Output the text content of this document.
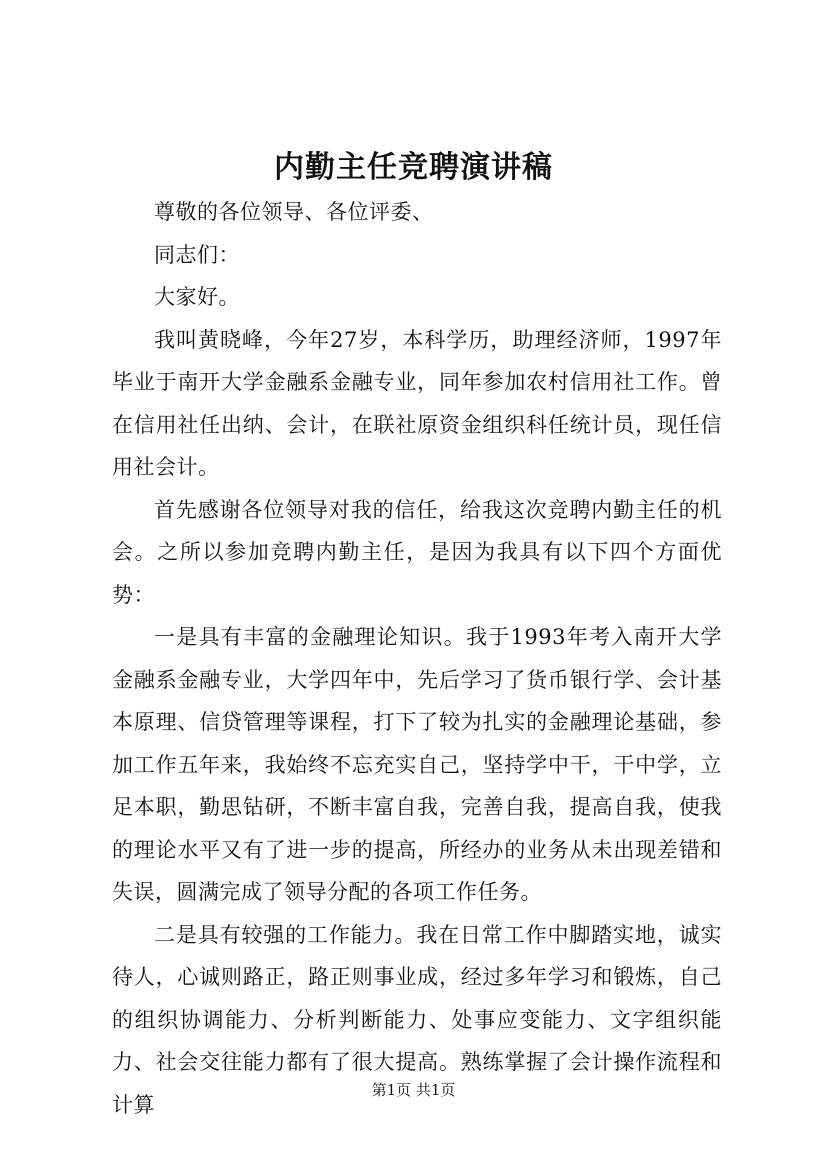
内勤主任竞聘演讲稿

尊敬的各位领导、各位评委、

同志们：

大家好。

我叫黄晓峰，今年27岁，本科学历，助理经济师，1997年毕业于南开大学金融系金融专业，同年参加农村信用社工作。曾在信用社任出纳、会计，在联社原资金组织科任统计员，现任信用社会计。

首先感谢各位领导对我的信任，给我这次竞聘内勤主任的机会。之所以参加竞聘内勤主任，是因为我具有以下四个方面优势：

一是具有丰富的金融理论知识。我于1993年考入南开大学金融系金融专业，大学四年中，先后学习了货币银行学、会计基本原理、信贷管理等课程，打下了较为扎实的金融理论基础，参加工作五年来，我始终不忘充实自己，坚持学中干，干中学，立足本职，勤思钻研，不断丰富自我，完善自我，提高自我，使我的理论水平又有了进一步的提高，所经办的业务从未出现差错和失误，圆满完成了领导分配的各项工作任务。

二是具有较强的工作能力。我在日常工作中脚踏实地，诚实待人，心诚则路正，路正则事业成，经过多年学习和锻炼，自己的组织协调能力、分析判断能力、处事应变能力、文字组织能力、社会交往能力都有了很大提高。熟练掌握了会计操作流程和计算

第1页 共1页
